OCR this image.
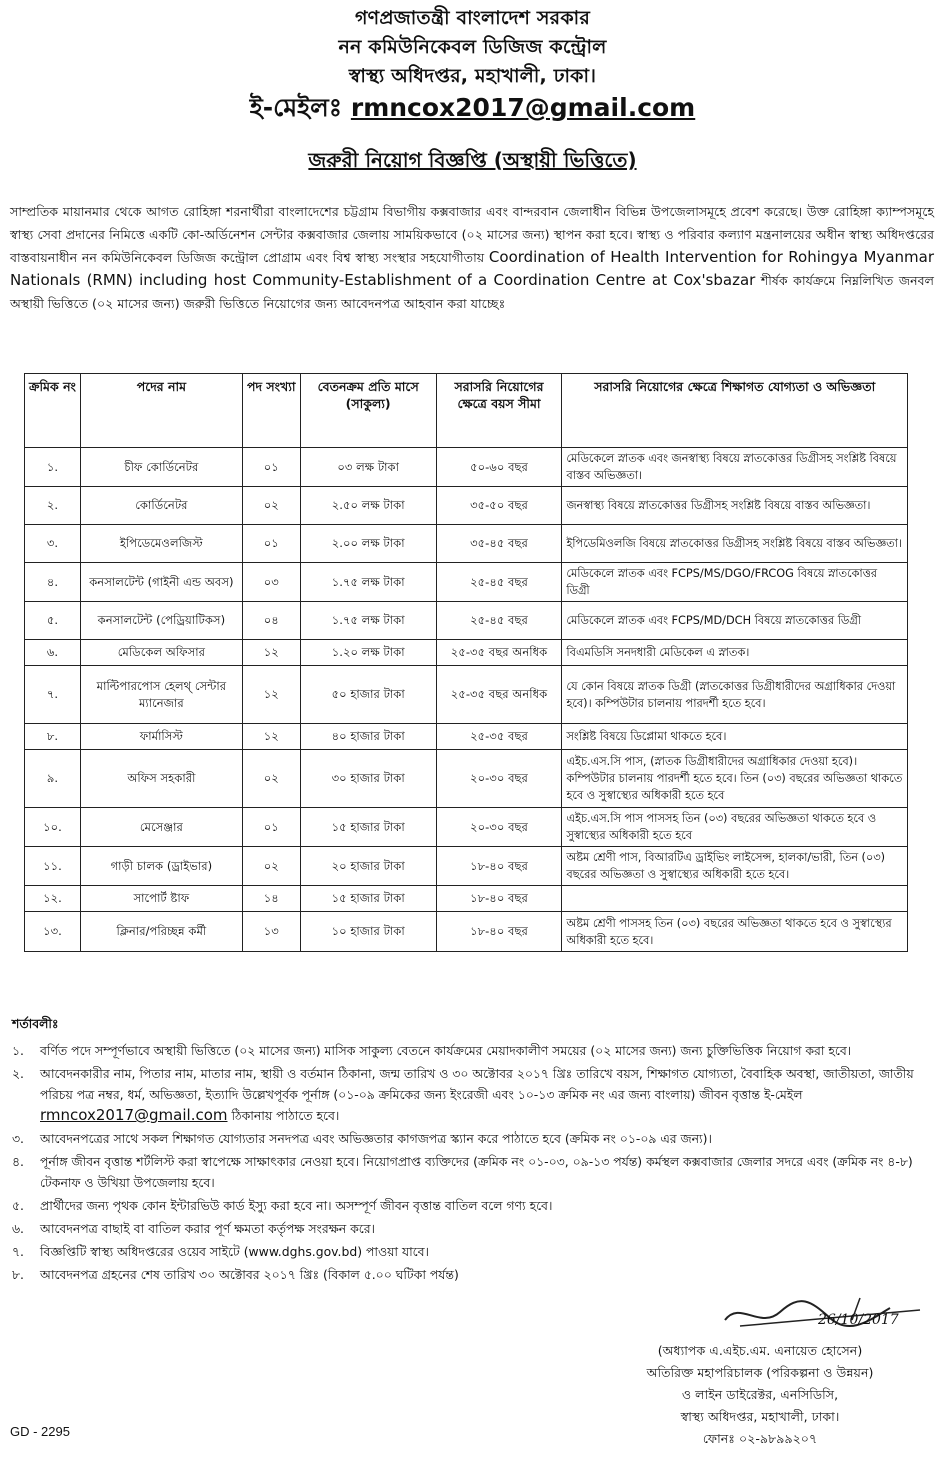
গণপ্রজাতন্ত্রী বাংলাদেশ সরকার
নন কমিউনিকেবল ডিজিজ কন্ট্রোল
স্বাস্থ্য অধিদপ্তর, মহাখালী, ঢাকা।
ই-মেইলঃ rmncox2017@gmail.com
জরুরী নিয়োগ বিজ্ঞপ্তি (অস্থায়ী ভিত্তিতে)
সাম্প্রতিক মায়ানমার থেকে আগত রোহিঙ্গা শরনার্থীরা বাংলাদেশের চট্টগ্রাম বিভাগীয় কক্সবাজার এবং বান্দরবান জেলাধীন বিভিন্ন উপজেলাসমূহে প্রবেশ করেছে। উক্ত রোহিঙ্গা ক্যাম্পসমূহে স্বাস্থ্য সেবা প্রদানের নিমিত্তে একটি কো-অর্ডিনেশন সেন্টার কক্সবাজার জেলায় সাময়িকভাবে (০২ মাসের জন্য) স্থাপন করা হবে। স্বাস্থ্য ও পরিবার কল্যাণ মন্ত্রনালয়ের অধীন স্বাস্থ্য অধিদপ্তরের বাস্তবায়নাধীন নন কমিউনিকেবল ডিজিজ কন্ট্রোল প্রোগ্রাম এবং বিশ্ব স্বাস্থ্য সংস্থার সহযোগীতায় Coordination of Health Intervention for Rohingya Myanmar Nationals (RMN) including host Community-Establishment of a Coordination Centre at Cox'sbazar শীর্ষক কার্যক্রমে নিম্নলিখিত জনবল অস্থায়ী ভিত্তিতে (০২ মাসের জন্য) জরুরী ভিত্তিতে নিয়োগের জন্য আবেদনপত্র আহবান করা যাচ্ছেঃ
ক্রমিক নং	পদের নাম	পদ সংখ্যা	বেতনক্রম প্রতি মাসে (সাকুল্য)	সরাসরি নিয়োগের ক্ষেত্রে বয়স সীমা	সরাসরি নিয়োগের ক্ষেত্রে শিক্ষাগত যোগ্যতা ও অভিজ্ঞতা
১.	চীফ কোর্ডিনেটর	০১	০৩ লক্ষ টাকা	৫০-৬০ বছর	মেডিকেলে স্নাতক এবং জনস্বাস্থ্য বিষয়ে স্নাতকোত্তর ডিগ্রীসহ সংশ্লিষ্ট বিষয়ে বাস্তব অভিজ্ঞতা।
২.	কোর্ডিনেটর	০২	২.৫০ লক্ষ টাকা	৩৫-৫০ বছর	জনস্বাস্থ্য বিষয়ে স্নাতকোত্তর ডিগ্রীসহ সংশ্লিষ্ট বিষয়ে বাস্তব অভিজ্ঞতা।
৩.	ইপিডেমেওলজিস্ট	০১	২.০০ লক্ষ টাকা	৩৫-৪৫ বছর	ইপিডেমিওলজি বিষয়ে স্নাতকোত্তর ডিগ্রীসহ সংশ্লিষ্ট বিষয়ে বাস্তব অভিজ্ঞতা।
৪.	কনসালটেন্ট (গাইনী এন্ড অবস)	০৩	১.৭৫ লক্ষ টাকা	২৫-৪৫ বছর	মেডিকেলে স্নাতক এবং FCPS/MS/DGO/FRCOG বিষয়ে স্নাতকোত্তর ডিগ্রী
৫.	কনসালটেন্ট (পেড্রিয়াটিকস)	০৪	১.৭৫ লক্ষ টাকা	২৫-৪৫ বছর	মেডিকেলে স্নাতক এবং FCPS/MD/DCH বিষয়ে স্নাতকোত্তর ডিগ্রী
৬.	মেডিকেল অফিসার	১২	১.২০ লক্ষ টাকা	২৫-৩৫ বছর অনধিক	বিএমডিসি সনদধারী মেডিকেল এ স্নাতক।
৭.	মাল্টিপারপোস হেলথ্ সেন্টার ম্যানেজার	১২	৫০ হাজার টাকা	২৫-৩৫ বছর অনধিক	যে কোন বিষয়ে স্নাতক ডিগ্রী (স্নাতকোত্তর ডিগ্রীধারীদের অগ্রাধিকার দেওয়া হবে)। কম্পিউটার চালনায় পারদর্শী হতে হবে।
৮.	ফার্মাসিস্ট	১২	৪০ হাজার টাকা	২৫-৩৫ বছর	সংশ্লিষ্ট বিষয়ে ডিপ্লোমা থাকতে হবে।
৯.	অফিস সহকারী	০২	৩০ হাজার টাকা	২০-৩০ বছর	এইচ.এস.সি পাস, (স্নাতক ডিগ্রীধারীদের অগ্রাধিকার দেওয়া হবে)। কম্পিউটার চালনায় পারদর্শী হতে হবে। তিন (০৩) বছরের অভিজ্ঞতা থাকতে হবে ও সুস্বাস্থ্যের অধিকারী হতে হবে
১০.	মেসেঞ্জার	০১	১৫ হাজার টাকা	২০-৩০ বছর	এইচ.এস.সি পাস পাসসহ তিন (০৩) বছরের অভিজ্ঞতা থাকতে হবে ও সুস্বাস্থ্যের অধিকারী হতে হবে
১১.	গাড়ী চালক (ড্রাইভার)	০২	২০ হাজার টাকা	১৮-৪০ বছর	অষ্টম শ্রেণী পাস, বিআরটিএ ড্রাইভিং লাইসেন্স, হালকা/ভারী, তিন (০৩) বছরের অভিজ্ঞতা ও সুস্বাস্থ্যের অধিকারী হতে হবে।
১২.	সাপোর্ট ষ্টাফ	১৪	১৫ হাজার টাকা	১৮-৪০ বছর	
১৩.	ক্লিনার/পরিচ্ছন্ন কর্মী	১৩	১০ হাজার টাকা	১৮-৪০ বছর	অষ্টম শ্রেণী পাসসহ তিন (০৩) বছরের অভিজ্ঞতা থাকতে হবে ও সুস্বাস্থ্যের অধিকারী হতে হবে।
শর্তাবলীঃ
১.	বর্ণিত পদে সম্পূর্ণভাবে অস্থায়ী ভিত্তিতে (০২ মাসের জন্য) মাসিক সাকুল্য বেতনে কার্যক্রমের মেয়াদকালীণ সময়ের (০২ মাসের জন্য) জন্য চুক্তিভিত্তিক নিয়োগ করা হবে।
২.	আবেদনকারীর নাম, পিতার নাম, মাতার নাম, স্থায়ী ও বর্তমান ঠিকানা, জন্ম তারিখ ও ৩০ অক্টোবর ২০১৭ খ্রিঃ তারিখে বয়স, শিক্ষাগত যোগ্যতা, বৈবাহিক অবস্থা, জাতীয়তা, জাতীয় পরিচয় পত্র নম্বর, ধর্ম, অভিজ্ঞতা, ইত্যাদি উল্লেখপূর্বক পূর্নাঙ্গ (০১-০৯ ক্রমিকের জন্য ইংরেজী এবং ১০-১৩ ক্রমিক নং এর জন্য বাংলায়) জীবন বৃত্তান্ত ই-মেইল rmncox2017@gmail.com ঠিকানায় পাঠাতে হবে।
৩.	আবেদনপত্রের সাথে সকল শিক্ষাগত যোগ্যতার সনদপত্র এবং অভিজ্ঞতার কাগজপত্র স্ক্যান করে পাঠাতে হবে (ক্রমিক নং ০১-০৯ এর জন্য)।
৪.	পূর্নাঙ্গ জীবন বৃত্তান্ত শর্টলিস্ট করা স্বাপেক্ষে সাক্ষাৎকার নেওয়া হবে। নিয়োগপ্রাপ্ত ব্যক্তিদের (ক্রমিক নং ০১-০৩, ০৯-১৩ পর্যন্ত) কর্মস্থল কক্সবাজার জেলার সদরে এবং (ক্রমিক নং ৪-৮) টেকনাফ ও উখিয়া উপজেলায় হবে।
৫.	প্রার্থীদের জন্য পৃথক কোন ইন্টারভিউ কার্ড ইস্যু করা হবে না। অসম্পূর্ণ জীবন বৃত্তান্ত বাতিল বলে গণ্য হবে।
৬.	আবেদনপত্র বাছাই বা বাতিল করার পূর্ণ ক্ষমতা কর্তৃপক্ষ সংরক্ষন করে।
৭.	বিজ্ঞপ্তিটি স্বাস্থ্য অধিদপ্তরের ওয়েব সাইটে (www.dghs.gov.bd) পাওয়া যাবে।
৮.	আবেদনপত্র গ্রহনের শেষ তারিখ ৩০ অক্টোবর ২০১৭ খ্রিঃ (বিকাল ৫.০০ ঘটিকা পর্যন্ত)
26/10/2017
(অধ্যাপক এ.এইচ.এম. এনায়েত হোসেন)
অতিরিক্ত মহাপরিচালক (পরিকল্পনা ও উন্নয়ন)
ও লাইন ডাইরেক্টর, এনসিডিসি,
স্বাস্থ্য অধিদপ্তর, মহাখালী, ঢাকা।
ফোনঃ ০২-৯৮৯৯২০৭
GD - 2295
